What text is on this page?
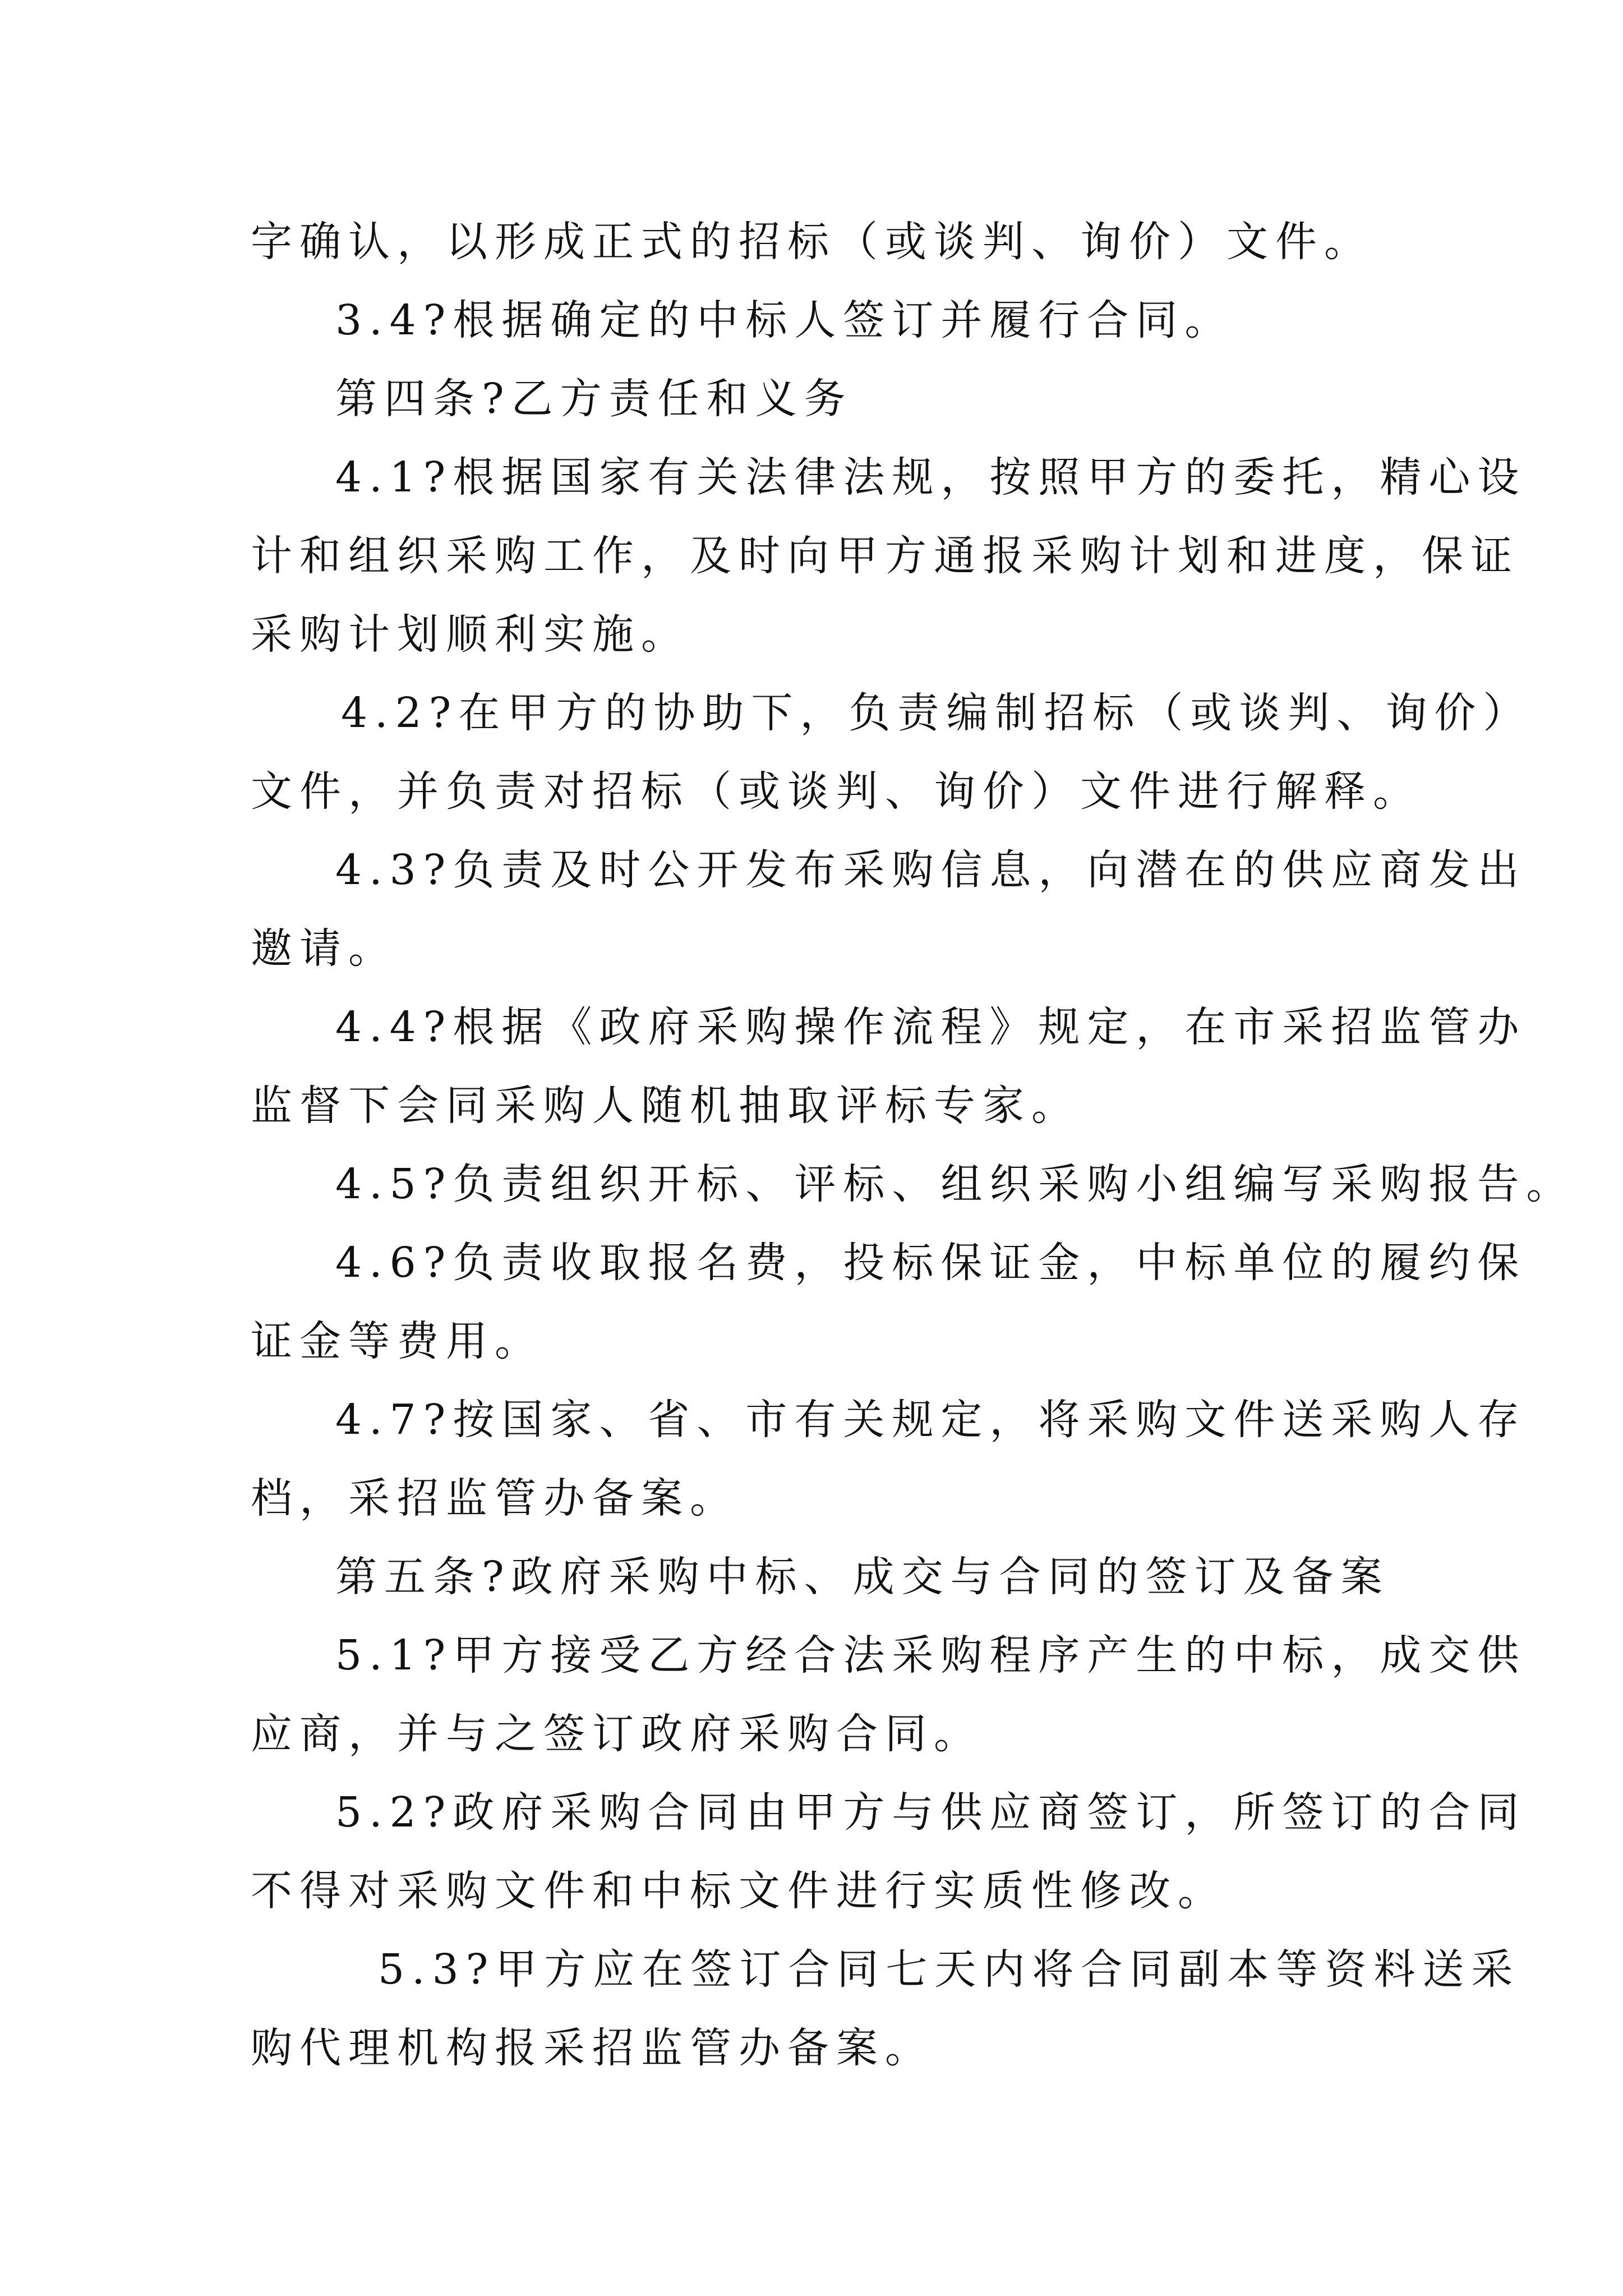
字确认，以形成正式的招标（或谈判、询价）文件。

3.4?根据确定的中标人签订并履行合同。

第四条?乙方责任和义务

4.1?根据国家有关法律法规，按照甲方的委托，精心设

计和组织采购工作，及时向甲方通报采购计划和进度，保证

采购计划顺利实施。

4.2?在甲方的协助下，负责编制招标（或谈判、询价）

文件，并负责对招标（或谈判、询价）文件进行解释。

4.3?负责及时公开发布采购信息，向潜在的供应商发出

邀请。

4.4?根据《政府采购操作流程》规定，在市采招监管办

监督下会同采购人随机抽取评标专家。

4.5?负责组织开标、评标、组织采购小组编写采购报告。

4.6?负责收取报名费，投标保证金，中标单位的履约保

证金等费用。

4.7?按国家、省、市有关规定，将采购文件送采购人存

档，采招监管办备案。

第五条?政府采购中标、成交与合同的签订及备案

5.1?甲方接受乙方经合法采购程序产生的中标，成交供

应商，并与之签订政府采购合同。

5.2?政府采购合同由甲方与供应商签订，所签订的合同

不得对采购文件和中标文件进行实质性修改。

5.3?甲方应在签订合同七天内将合同副本等资料送采

购代理机构报采招监管办备案。
